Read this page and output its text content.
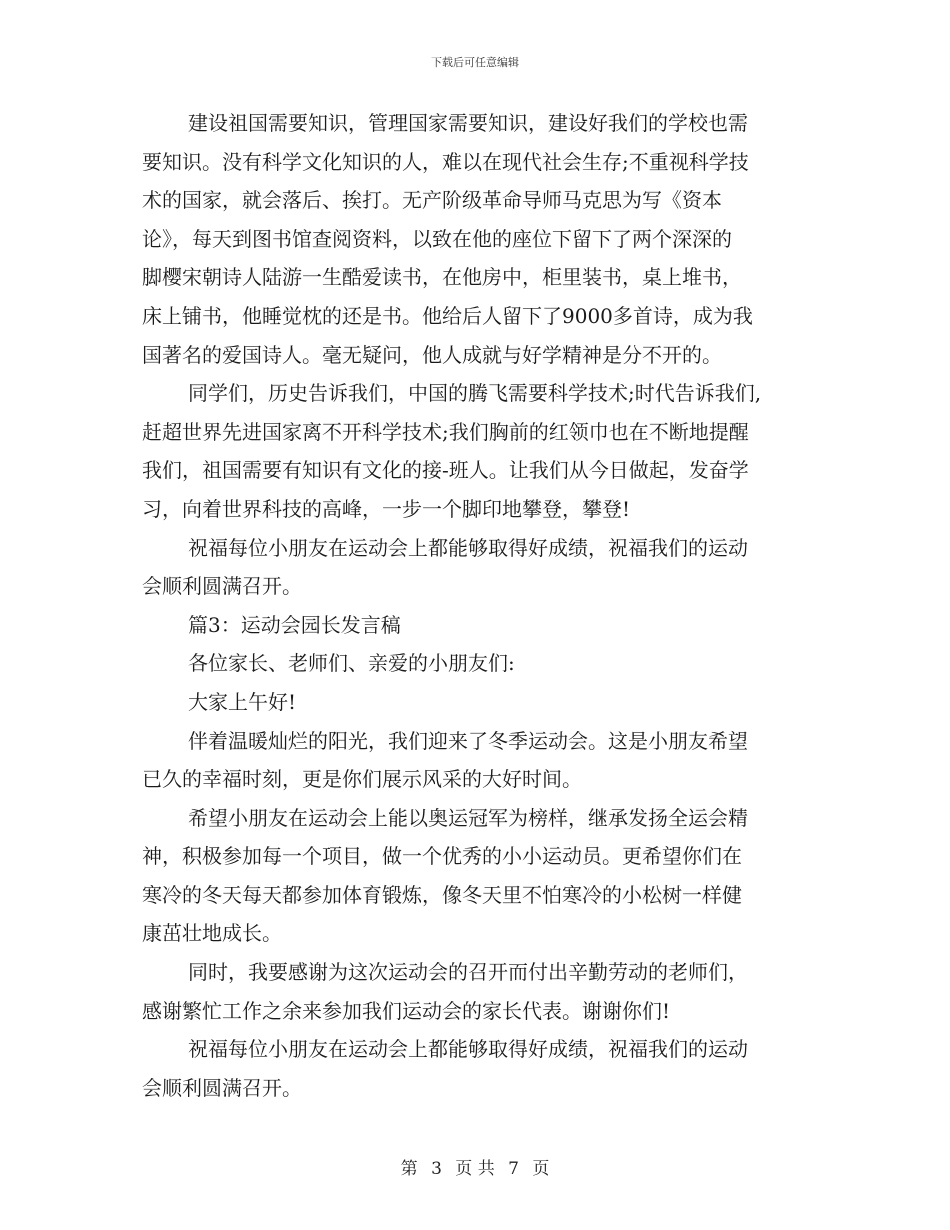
下载后可任意编辑
建设祖国需要知识，管理国家需要知识，建设好我们的学校也需
要知识。没有科学文化知识的人，难以在现代社会生存;不重视科学技
术的国家，就会落后、挨打。无产阶级革命导师马克思为写《资本
论》，每天到图书馆查阅资料，以致在他的座位下留下了两个深深的
脚樱宋朝诗人陆游一生酷爱读书，在他房中，柜里装书，桌上堆书，
床上铺书，他睡觉枕的还是书。他给后人留下了9000多首诗，成为我
国著名的爱国诗人。毫无疑问，他人成就与好学精神是分不开的。
同学们，历史告诉我们，中国的腾飞需要科学技术;时代告诉我们,
赶超世界先进国家离不开科学技术;我们胸前的红领巾也在不断地提醒
我们，祖国需要有知识有文化的接-班人。让我们从今日做起，发奋学
习，向着世界科技的高峰，一步一个脚印地攀登，攀登!
祝福每位小朋友在运动会上都能够取得好成绩，祝福我们的运动
会顺利圆满召开。
篇3：运动会园长发言稿
各位家长、老师们、亲爱的小朋友们:
大家上午好!
伴着温暖灿烂的阳光，我们迎来了冬季运动会。这是小朋友希望
已久的幸福时刻，更是你们展示风采的大好时间。
希望小朋友在运动会上能以奥运冠军为榜样，继承发扬全运会精
神，积极参加每一个项目，做一个优秀的小小运动员。更希望你们在
寒冷的冬天每天都参加体育锻炼，像冬天里不怕寒冷的小松树一样健
康茁壮地成长。
同时，我要感谢为这次运动会的召开而付出辛勤劳动的老师们，
感谢繁忙工作之余来参加我们运动会的家长代表。谢谢你们!
祝福每位小朋友在运动会上都能够取得好成绩，祝福我们的运动
会顺利圆满召开。
第 3 页 共 7 页
